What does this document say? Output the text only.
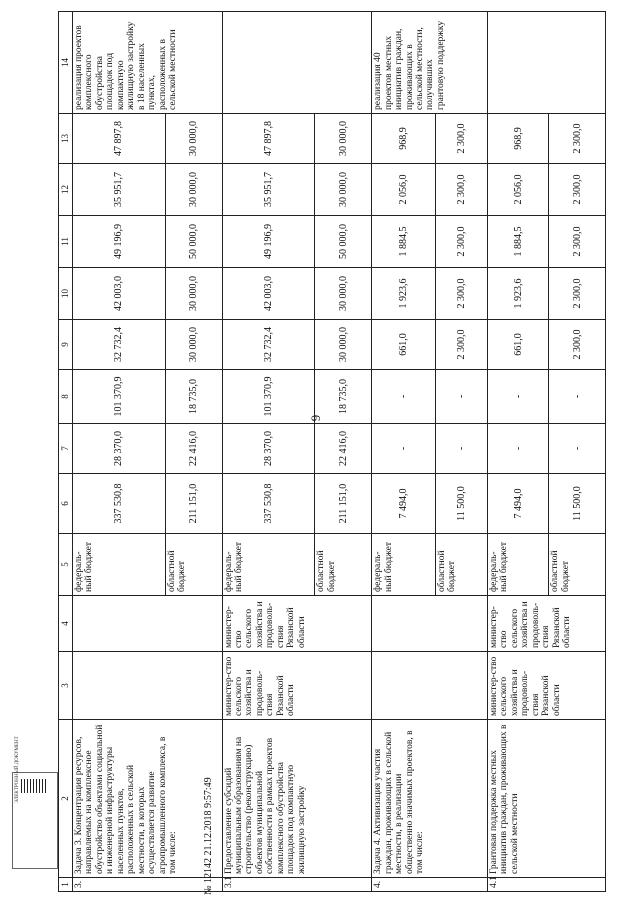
6
1	2	3	4	5	6	7	8	9	10	11	12	13	14
3.	Задача 3. Концентрация ресурсов, направляемых на комплексное обустройство объектами социальной и инженерной инфраструктуры населенных пунктов, расположенных в сельской местности, в которых осуществляется развитие агропромышленного комплекса, в том числе:			федераль-ный бюджет	337 530,8	28 370,0	101 370,9	32 732,4	42 003,0	49 196,9	35 951,7	47 897,8	реализация проектов комплексного обустройства площадок под компактную жилищную застройку в 18 населенных пунктах, расположенных в сельской местности
				областной бюджет	211 151,0	22 416,0	18 735,0	30 000,0	30 000,0	50 000,0	30 000,0	30 000,0	
3.1	Предоставление субсидий муниципальным образованиям на строительство (реконструкцию) объектов муниципальной собственности в рамках проектов комплексного обустройства площадок под компактную жилищную застройку	министер-ство сельского хозяйства и продоволь-ствия Рязанской области	министер-ство сельского хозяйства и продоволь-ствия Рязанской области	федераль-ный бюджет	337 530,8	28 370,0	101 370,9	32 732,4	42 003,0	49 196,9	35 951,7	47 897,8	
				областной бюджет	211 151,0	22 416,0	18 735,0	30 000,0	30 000,0	50 000,0	30 000,0	30 000,0	
4.	Задача 4. Активизация участия граждан, проживающих в сельской местности, в реализации общественно значимых проектов, в том числе:			федераль-ный бюджет	7 494,0	-	-	661,0	1 923,6	1 884,5	2 056,0	968,9	реализация 40 проектов местных инициатив граждан, проживающих в сельской местности, получивших грантовую поддержку
				областной бюджет	11 500,0	-	-	2 300,0	2 300,0	2 300,0	2 300,0	2 300,0	
4.1	Грантовая поддержка местных инициатив граждан, проживающих в сельской местности	министер-ство сельского хозяйства и продоволь-ствия Рязанской области	министер-ство сельского хозяйства и продоволь-ствия Рязанской области	федераль-ный бюджет	7 494,0	-	-	661,0	1 923,6	1 884,5	2 056,0	968,9	
				областной бюджет	11 500,0	-	-	2 300,0	2 300,0	2 300,0	2 300,0	2 300,0	
ЭЛЕКТРОННЫЙ ДОКУМЕНТ
№ 12142 21.12.2018 9:57:49
